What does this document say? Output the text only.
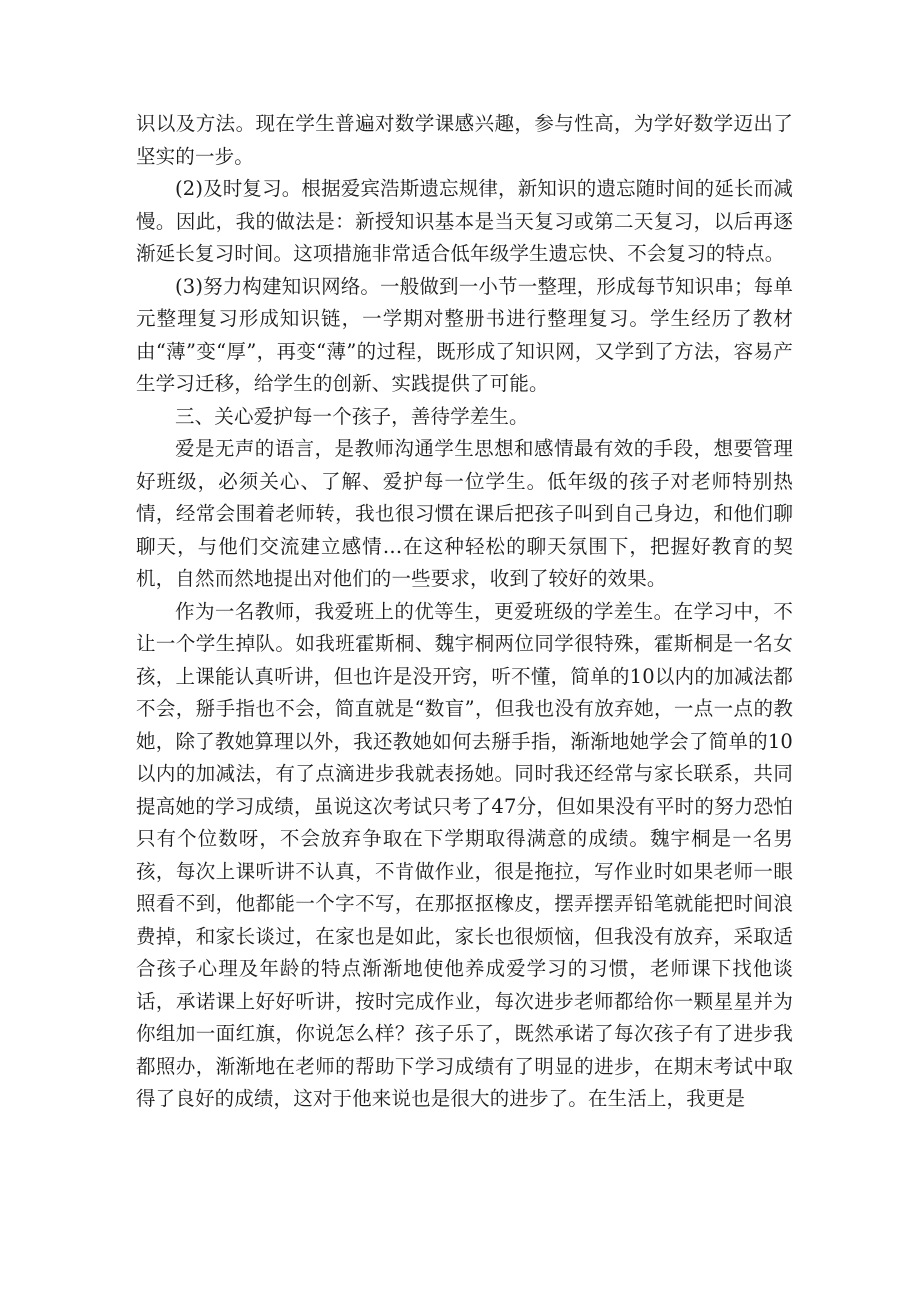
识以及方法。现在学生普遍对数学课感兴趣，参与性高，为学好数学迈出了坚实的一步。

(2)及时复习。根据爱宾浩斯遗忘规律，新知识的遗忘随时间的延长而减慢。因此，我的做法是：新授知识基本是当天复习或第二天复习，以后再逐渐延长复习时间。这项措施非常适合低年级学生遗忘快、不会复习的特点。

(3)努力构建知识网络。一般做到一小节一整理，形成每节知识串；每单元整理复习形成知识链，一学期对整册书进行整理复习。学生经历了教材由“薄”变“厚”，再变“薄”的过程，既形成了知识网，又学到了方法，容易产生学习迁移，给学生的创新、实践提供了可能。

三、关心爱护每一个孩子，善待学差生。

爱是无声的语言，是教师沟通学生思想和感情最有效的手段，想要管理好班级，必须关心、了解、爱护每一位学生。低年级的孩子对老师特别热情，经常会围着老师转，我也很习惯在课后把孩子叫到自己身边，和他们聊聊天，与他们交流建立感情…在这种轻松的聊天氛围下，把握好教育的契机，自然而然地提出对他们的一些要求，收到了较好的效果。

作为一名教师，我爱班上的优等生，更爱班级的学差生。在学习中，不让一个学生掉队。如我班霍斯桐、魏宇桐两位同学很特殊，霍斯桐是一名女孩，上课能认真听讲，但也许是没开窍，听不懂，简单的10以内的加减法都不会，掰手指也不会，简直就是“数盲”，但我也没有放弃她，一点一点的教她，除了教她算理以外，我还教她如何去掰手指，渐渐地她学会了简单的10以内的加减法，有了点滴进步我就表扬她。同时我还经常与家长联系，共同提高她的学习成绩，虽说这次考试只考了47分，但如果没有平时的努力恐怕只有个位数呀，不会放弃争取在下学期取得满意的成绩。魏宇桐是一名男孩，每次上课听讲不认真，不肯做作业，很是拖拉，写作业时如果老师一眼照看不到，他都能一个字不写，在那抠抠橡皮，摆弄摆弄铅笔就能把时间浪费掉，和家长谈过，在家也是如此，家长也很烦恼，但我没有放弃，采取适合孩子心理及年龄的特点渐渐地使他养成爱学习的习惯，老师课下找他谈话，承诺课上好好听讲，按时完成作业，每次进步老师都给你一颗星星并为你组加一面红旗，你说怎么样？孩子乐了，既然承诺了每次孩子有了进步我都照办，渐渐地在老师的帮助下学习成绩有了明显的进步，在期末考试中取得了良好的成绩，这对于他来说也是很大的进步了。在生活上，我更是
